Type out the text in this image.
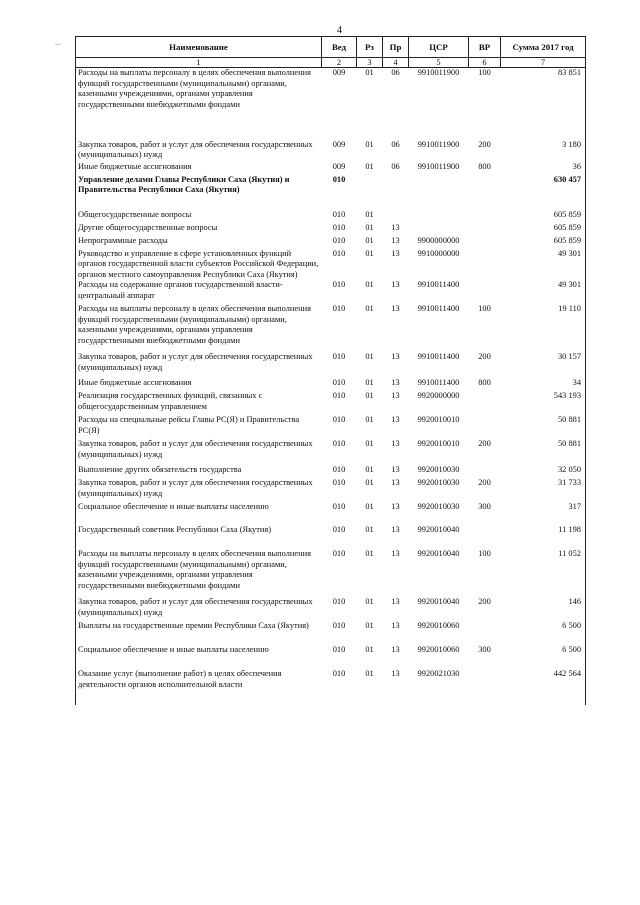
4
...	Наименование	Вед	Рз	Пр	ЦСР	ВР	Сумма 2017 год
1	2	3	4	5	6	7
Расходы на выплаты персоналу в целях обеспечения выполнения функций государственными (муниципальными) органами, казенными учреждениями, органами управления государственными внебюджетными фондами	009	01	06	9910011900	100	83 851
Закупка товаров, работ и услуг для обеспечения государственных (муниципальных) нужд	009	01	06	9910011900	200	3 180
Иные бюджетные ассигнования	009	01	06	9910011900	800	36
Управление делами Главы Республики Саха (Якутия) и Правительства Республики Саха (Якутия)	010					630 457
Общегосударственные вопросы	010	01				605 859
Другие общегосударственные вопросы	010	01	13			605 859
Непрограммные расходы	010	01	13	9900000000		605 859
Руководство и управление в сфере установленных функций органов государственной власти субъектов Российской Федерации, органов местного самоуправления Республики Саха (Якутия)	010	01	13	9910000000		49 301
Расходы на содержание органов государственной власти- центральный аппарат	010	01	13	9910011400		49 301
Расходы на выплаты персоналу в целях обеспечения выполнения функций государственными (муниципальными) органами, казенными учреждениями, органами управления государственными внебюджетными фондами	010	01	13	9910011400	100	19 110
Закупка товаров, работ и услуг для обеспечения государственных (муниципальных) нужд	010	01	13	9910011400	200	30 157
Иные бюджетные ассигнования	010	01	13	9910011400	800	34
Реализация государственных функций, связанных с общегосударственным управлением	010	01	13	9920000000		543 193
Расходы на специальные рейсы Главы РС(Я) и Правительства РС(Я)	010	01	13	9920010010		50 881
Закупка товаров, работ и услуг для обеспечения государственных (муниципальных) нужд	010	01	13	9920010010	200	50 881
Выполнение других обязательств государства	010	01	13	9920010030		32 050
Закупка товаров, работ и услуг для обеспечения государственных (муниципальных) нужд	010	01	13	9920010030	200	31 733
Социальное обеспечение и иные выплаты населению	010	01	13	9920010030	300	317
Государственный советник Республики Саха (Якутия)	010	01	13	9920010040		11 198
Расходы на выплаты персоналу в целях обеспечения выполнения функций государственными (муниципальными) органами, казенными учреждениями, органами управления государственными внебюджетными фондами	010	01	13	9920010040	100	11 052
Закупка товаров, работ и услуг для обеспечения государственных (муниципальных) нужд	010	01	13	9920010040	200	146
Выплаты на государственные премии Республики Саха (Якутия)	010	01	13	9920010060		6 500
Социальное обеспечение и иные выплаты населению	010	01	13	9920010060	300	6 500
Оказание услуг (выполнение работ) в целях обеспечения деятельности органов исполнительной власти	010	01	13	9920021030		442 564
